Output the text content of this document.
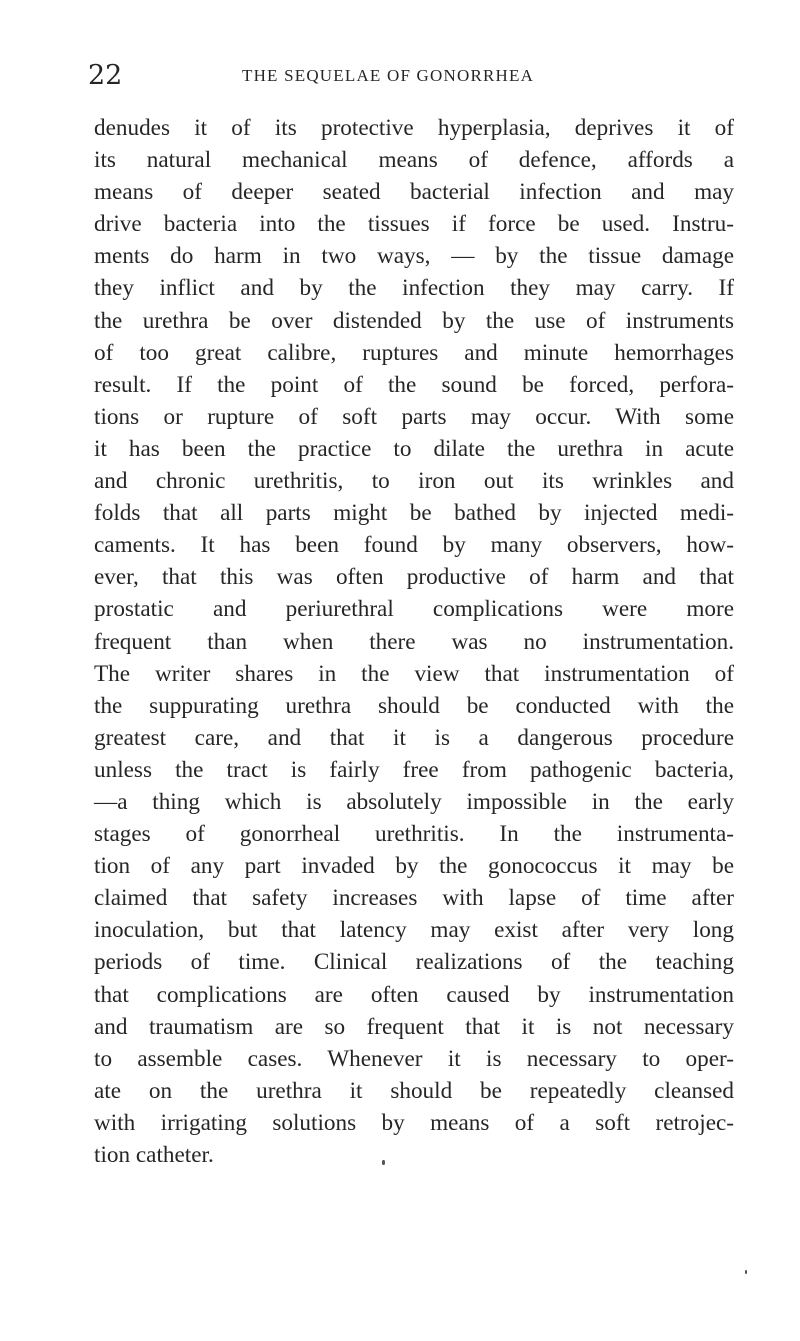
22	THE SEQUELAE OF GONORRHEA
denudes it of its protective hyperplasia, deprives it of
its natural mechanical means of defence, affords a
means of deeper seated bacterial infection and may
drive bacteria into the tissues if force be used. Instru-
ments do harm in two ways, — by the tissue damage
they inflict and by the infection they may carry. If
the urethra be over distended by the use of instruments
of too great calibre, ruptures and minute hemorrhages
result. If the point of the sound be forced, perfora-
tions or rupture of soft parts may occur. With some
it has been the practice to dilate the urethra in acute
and chronic urethritis, to iron out its wrinkles and
folds that all parts might be bathed by injected medi-
caments. It has been found by many observers, how-
ever, that this was often productive of harm and that
prostatic and periurethral complications were more
frequent than when there was no instrumentation.
The writer shares in the view that instrumentation of
the suppurating urethra should be conducted with the
greatest care, and that it is a dangerous procedure
unless the tract is fairly free from pathogenic bacteria,
—a thing which is absolutely impossible in the early
stages of gonorrheal urethritis. In the instrumenta-
tion of any part invaded by the gonococcus it may be
claimed that safety increases with lapse of time after
inoculation, but that latency may exist after very long
periods of time. Clinical realizations of the teaching
that complications are often caused by instrumentation
and traumatism are so frequent that it is not necessary
to assemble cases. Whenever it is necessary to oper-
ate on the urethra it should be repeatedly cleansed
with irrigating solutions by means of a soft retrojec-
tion catheter.
